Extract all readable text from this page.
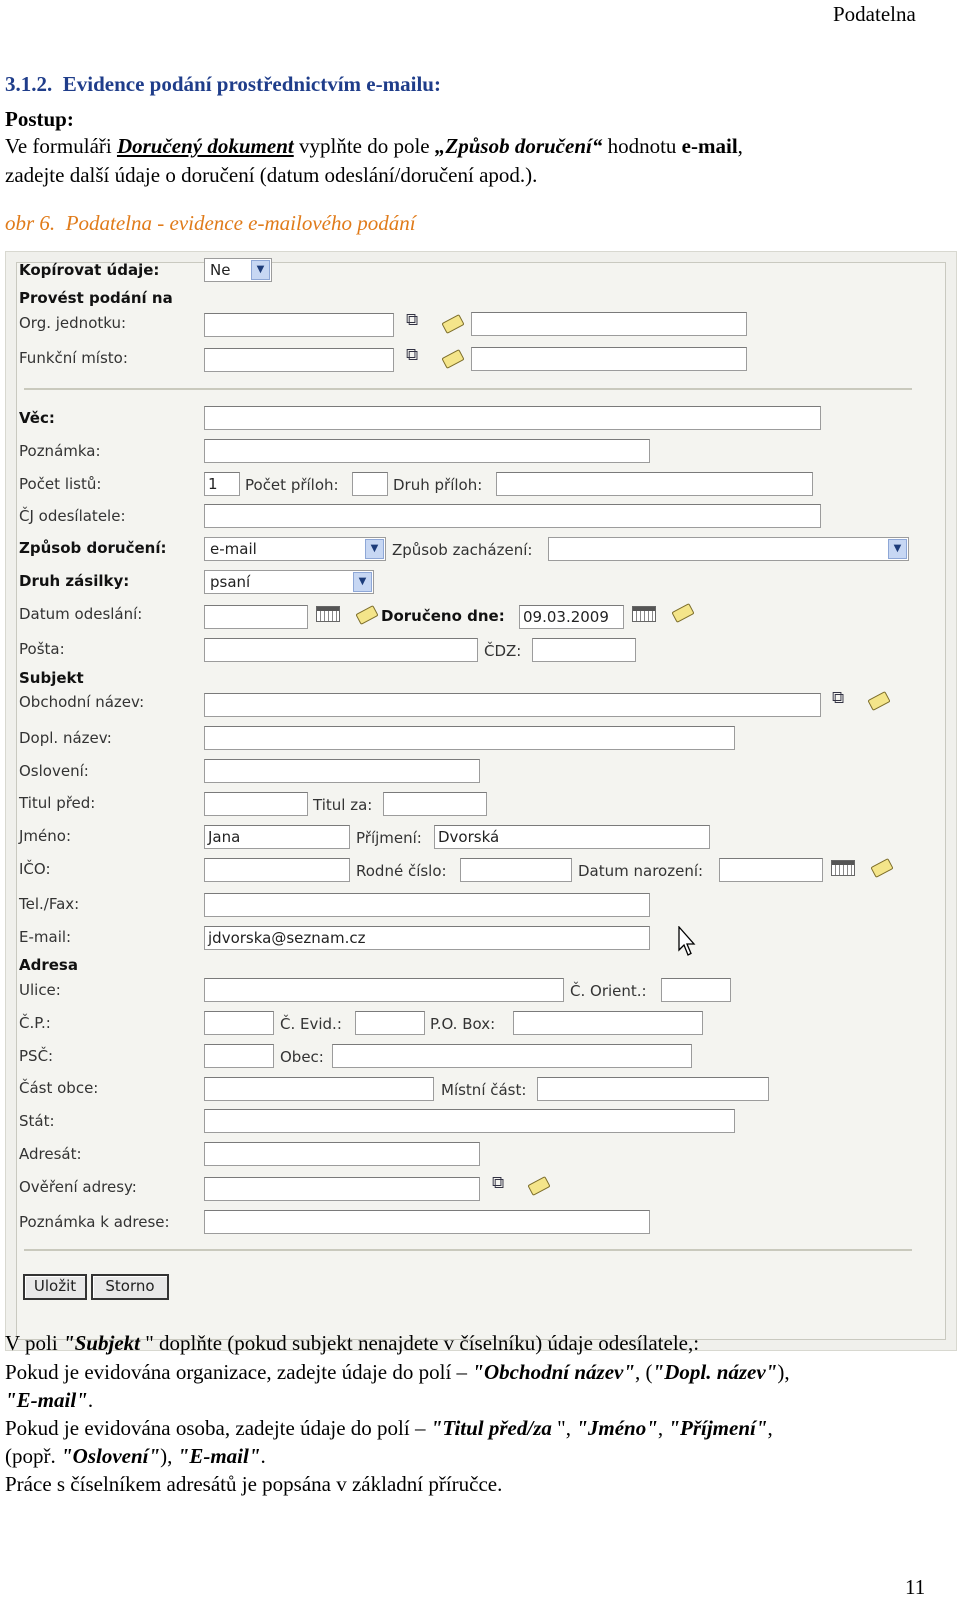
Podatelna
3.1.2. Evidence podání prostřednictvím e-mailu:
Postup:
Ve formuláři Doručený dokument vyplňte do pole „Způsob doručení“ hodnotu e-mail,
zadejte další údaje o doručení (datum odeslání/doručení apod.).
obr 6. Podatelna - evidence e-mailového podání
Kopírovat údaje:	Ne	▼
Provést podání na
Org. jednotku:	⧉
Funkční místo:	⧉
Věc:
Poznámka:
Počet listů:	1	Počet příloh:	Druh příloh:
ČJ odesílatele:
Způsob doručení:	e-mail	▼ Způsob zacházení:	▼
Druh zásilky:	psaní	▼
Datum odeslání:	Doručeno dne: 09.03.2009
Pošta:	ČDZ:
Subjekt
Obchodní název:	⧉
Dopl. název:
Oslovení:
Titul před:	Titul za:
Jméno:	Jana	Příjmení: Dvorská
IČO:	Rodné číslo:	Datum narození:
Tel./Fax:
E-mail:	jdvorska@seznam.cz
Adresa
Ulice:	Č. Orient.:
Č.P.:	Č. Evid.:	P.O. Box:
PSČ:	Obec:
Část obce:	Místní část:
Stát:
Adresát:
Ověření adresy:	⧉
Poznámka k adrese:
Uložit	Storno
V poli "Subjekt " doplňte (pokud subjekt nenajdete v číselníku) údaje odesílatele,:
Pokud je evidována organizace, zadejte údaje do polí – "Obchodní název", ("Dopl. název"),
"E-mail".
Pokud je evidována osoba, zadejte údaje do polí – "Titul před/za ", "Jméno", "Příjmení",
(popř. "Oslovení"), "E-mail".
Práce s číselníkem adresátů je popsána v základní příručce.
11
